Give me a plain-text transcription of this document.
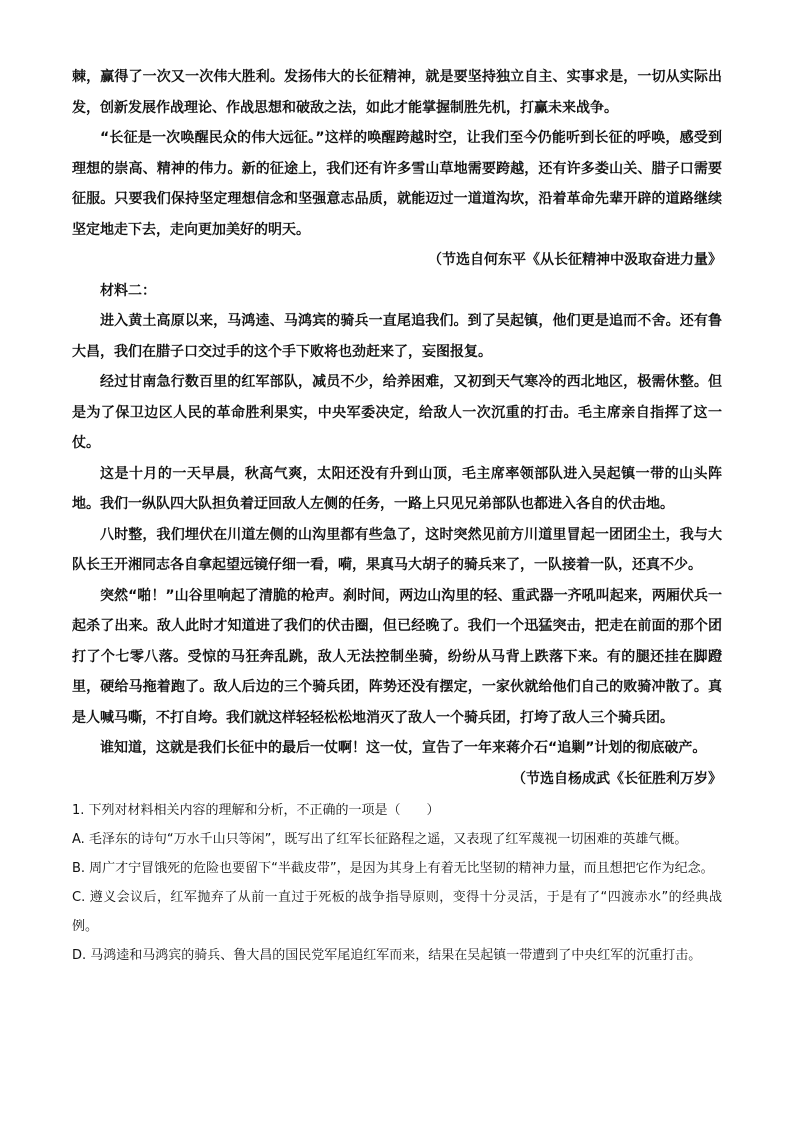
棘，赢得了一次又一次伟大胜利。发扬伟大的长征精神，就是要坚持独立自主、实事求是，一切从实际出发，创新发展作战理论、作战思想和破敌之法，如此才能掌握制胜先机，打赢未来战争。

“长征是一次唤醒民众的伟大远征。”这样的唤醒跨越时空，让我们至今仍能听到长征的呼唤，感受到理想的崇高、精神的伟力。新的征途上，我们还有许多雪山草地需要跨越，还有许多娄山关、腊子口需要征服。只要我们保持坚定理想信念和坚强意志品质，就能迈过一道道沟坎，沿着革命先辈开辟的道路继续坚定地走下去，走向更加美好的明天。

（节选自何东平《从长征精神中汲取奋进力量》

材料二：

进入黄土高原以来，马鸿逵、马鸿宾的骑兵一直尾追我们。到了吴起镇，他们更是追而不舍。还有鲁大昌，我们在腊子口交过手的这个手下败将也劲赶来了，妄图报复。

经过甘南急行数百里的红军部队，减员不少，给养困难，又初到天气寒冷的西北地区，极需休整。但是为了保卫边区人民的革命胜利果实，中央军委决定，给敌人一次沉重的打击。毛主席亲自指挥了这一仗。

这是十月的一天早晨，秋高气爽，太阳还没有升到山顶，毛主席率领部队进入吴起镇一带的山头阵地。我们一纵队四大队担负着迂回敌人左侧的任务，一路上只见兄弟部队也都进入各自的伏击地。

八时整，我们埋伏在川道左侧的山沟里都有些急了，这时突然见前方川道里冒起一团团尘土，我与大队长王开湘同志各自拿起望远镜仔细一看，嗬，果真马大胡子的骑兵来了，一队接着一队，还真不少。

突然“啪！”山谷里响起了清脆的枪声。刹时间，两边山沟里的轻、重武器一齐吼叫起来，两厢伏兵一起杀了出来。敌人此时才知道进了我们的伏击圈，但已经晚了。我们一个迅猛突击，把走在前面的那个团打了个七零八落。受惊的马狂奔乱跳，敌人无法控制坐骑，纷纷从马背上跌落下来。有的腿还挂在脚蹬里，硬给马拖着跑了。敌人后边的三个骑兵团，阵势还没有摆定，一家伙就给他们自己的败骑冲散了。真是人喊马嘶，不打自垮。我们就这样轻轻松松地消灭了敌人一个骑兵团，打垮了敌人三个骑兵团。

谁知道，这就是我们长征中的最后一仗啊！这一仗，宣告了一年来蒋介石“追剿”计划的彻底破产。

（节选自杨成武《长征胜利万岁》

1. 下列对材料相关内容的理解和分析，不正确的一项是（　　）

A. 毛泽东的诗句“万水千山只等闲”，既写出了红军长征路程之遥，又表现了红军蔑视一切困难的英雄气概。

B. 周广才宁冒饿死的危险也要留下“半截皮带”，是因为其身上有着无比坚韧的精神力量，而且想把它作为纪念。

C. 遵义会议后，红军抛弃了从前一直过于死板的战争指导原则，变得十分灵活，于是有了“四渡赤水”的经典战例。

D. 马鸿逵和马鸿宾的骑兵、鲁大昌的国民党军尾追红军而来，结果在吴起镇一带遭到了中央红军的沉重打击。
